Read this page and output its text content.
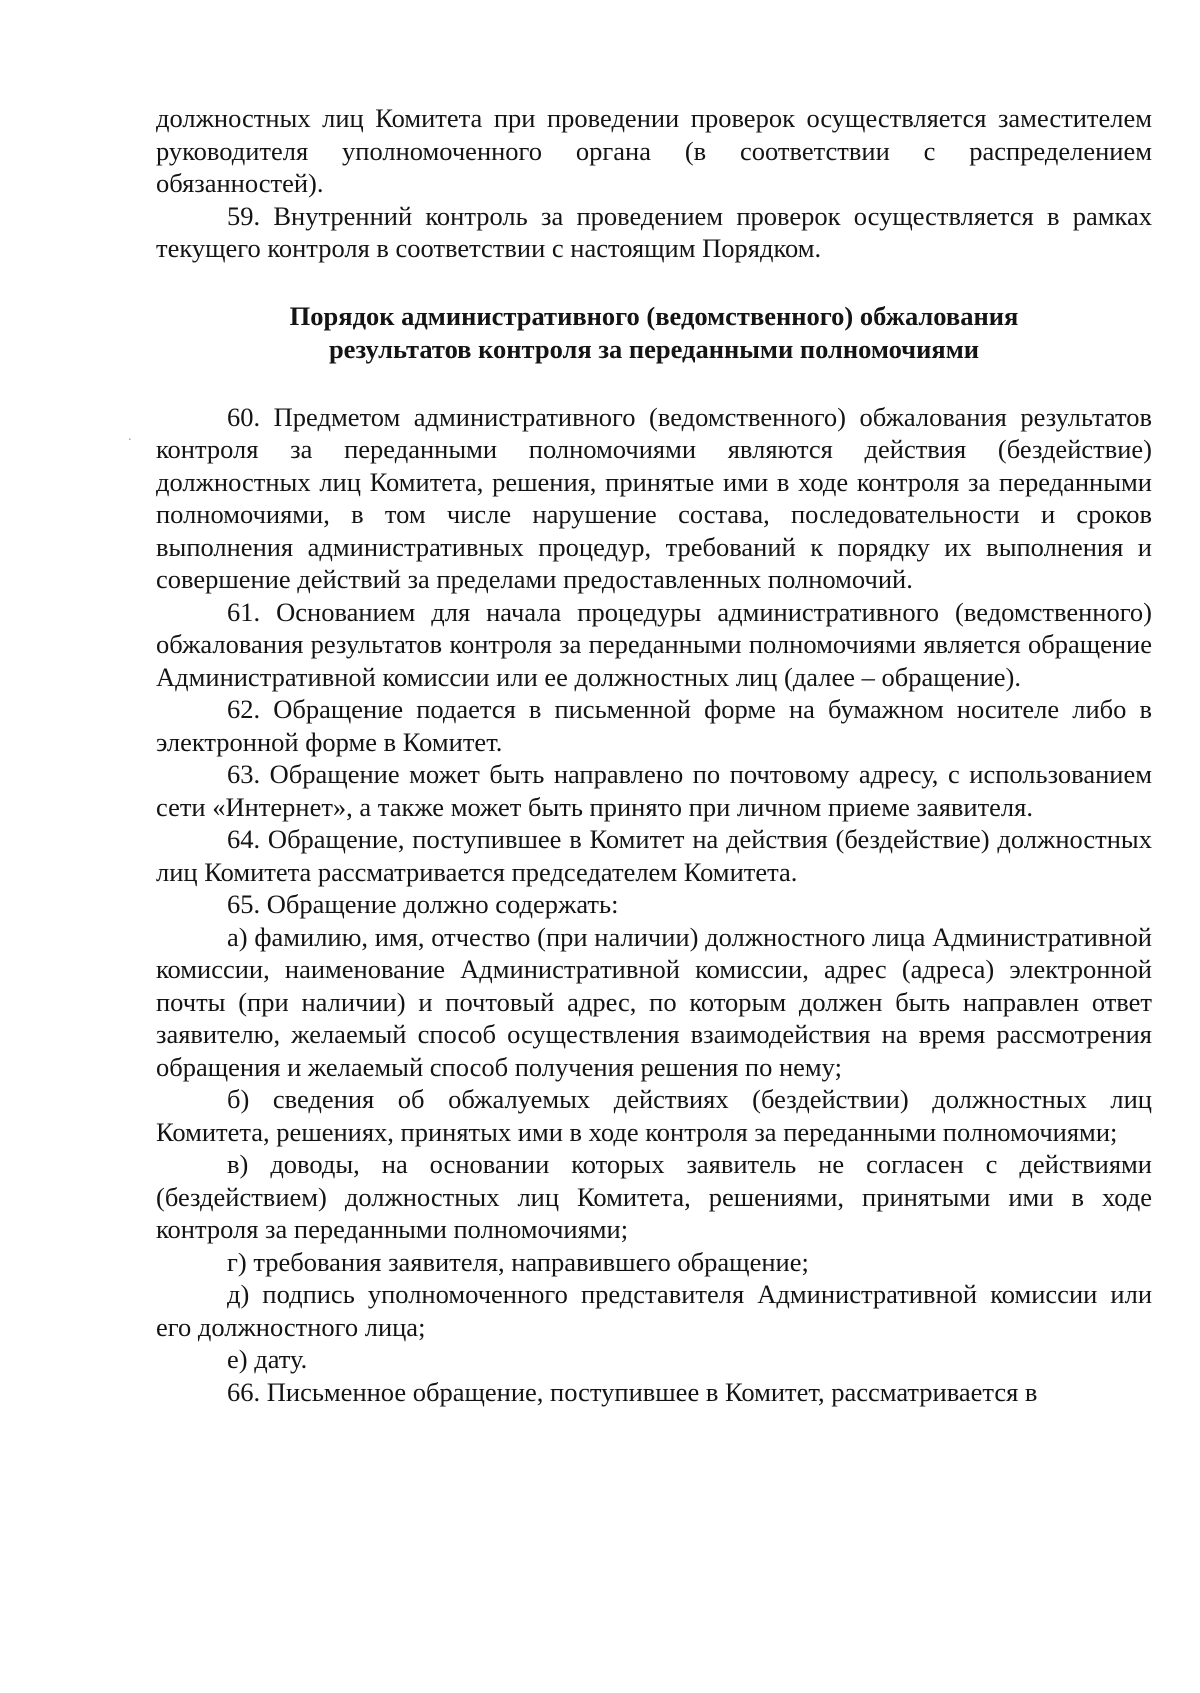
должностных лиц Комитета при проведении проверок осуществляется заместителем руководителя уполномоченного органа (в соответствии с распределением обязанностей).

59. Внутренний контроль за проведением проверок осуществляется в рамках текущего контроля в соответствии с настоящим Порядком.

Порядок административного (ведомственного) обжалования
результатов контроля за переданными полномочиями

60. Предметом административного (ведомственного) обжалования результатов контроля за переданными полномочиями являются действия (бездействие) должностных лиц Комитета, решения, принятые ими в ходе контроля за переданными полномочиями, в том числе нарушение состава, последовательности и сроков выполнения административных процедур, требований к порядку их выполнения и совершение действий за пределами предоставленных полномочий.

61. Основанием для начала процедуры административного (ведомственного) обжалования результатов контроля за переданными полномочиями является обращение Административной комиссии или ее должностных лиц (далее – обращение).

62. Обращение подается в письменной форме на бумажном носителе либо в электронной форме в Комитет.

63. Обращение может быть направлено по почтовому адресу, с использованием сети «Интернет», а также может быть принято при личном приеме заявителя.

64. Обращение, поступившее в Комитет на действия (бездействие) должностных лиц Комитета рассматривается председателем Комитета.

65. Обращение должно содержать:

а) фамилию, имя, отчество (при наличии) должностного лица Административной комиссии, наименование Административной комиссии, адрес (адреса) электронной почты (при наличии) и почтовый адрес, по которым должен быть направлен ответ заявителю, желаемый способ осуществления взаимодействия на время рассмотрения обращения и желаемый способ получения решения по нему;

б) сведения об обжалуемых действиях (бездействии) должностных лиц Комитета, решениях, принятых ими в ходе контроля за переданными полномочиями;

в) доводы, на основании которых заявитель не согласен с действиями (бездействием) должностных лиц Комитета, решениями, принятыми ими в ходе контроля за переданными полномочиями;

г) требования заявителя, направившего обращение;

д) подпись уполномоченного представителя Административной комиссии или его должностного лица;

е) дату.

66. Письменное обращение, поступившее в Комитет, рассматривается в

.
